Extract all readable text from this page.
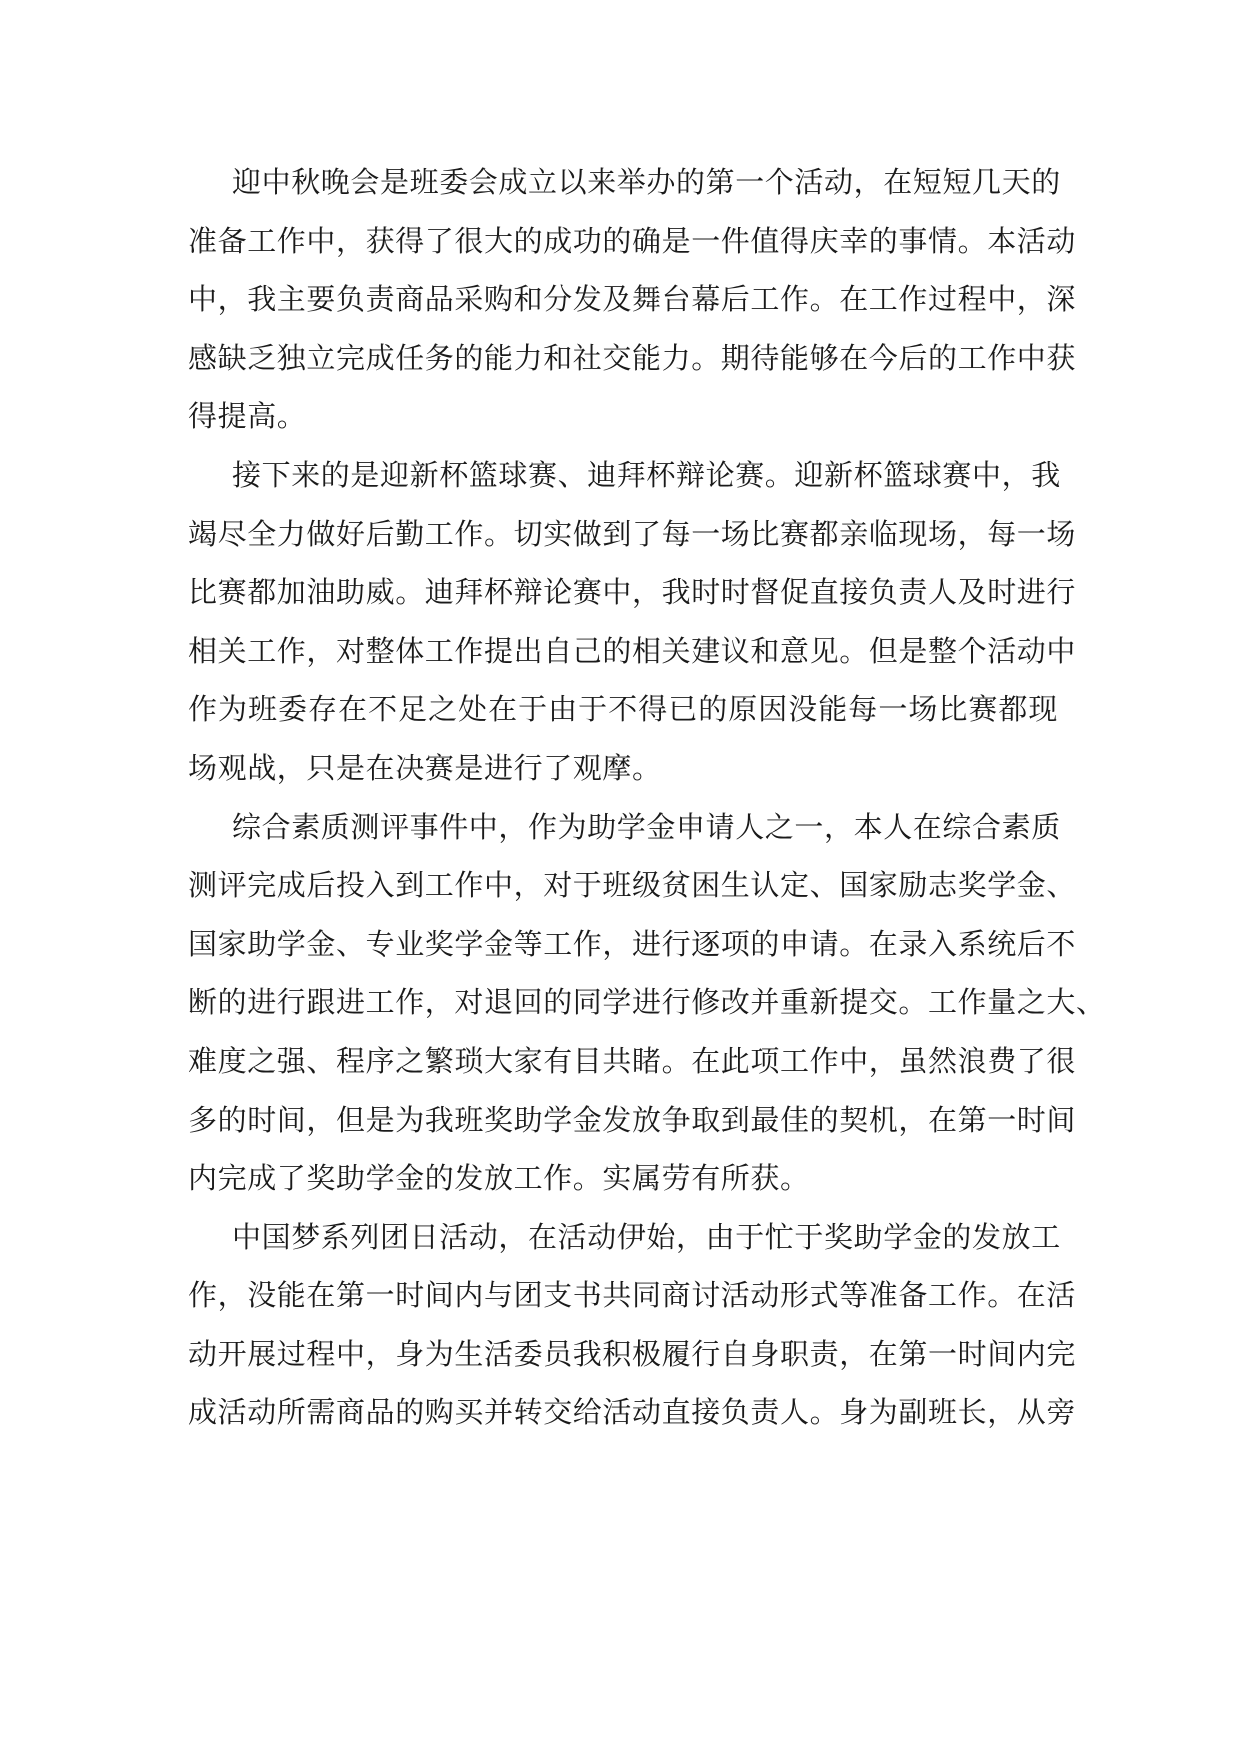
迎中秋晚会是班委会成立以来举办的第一个活动，在短短几天的
准备工作中，获得了很大的成功的确是一件值得庆幸的事情。本活动
中，我主要负责商品采购和分发及舞台幕后工作。在工作过程中，深
感缺乏独立完成任务的能力和社交能力。期待能够在今后的工作中获
得提高。
接下来的是迎新杯篮球赛、迪拜杯辩论赛。迎新杯篮球赛中，我
竭尽全力做好后勤工作。切实做到了每一场比赛都亲临现场，每一场
比赛都加油助威。迪拜杯辩论赛中，我时时督促直接负责人及时进行
相关工作，对整体工作提出自己的相关建议和意见。但是整个活动中
作为班委存在不足之处在于由于不得已的原因没能每一场比赛都现
场观战，只是在决赛是进行了观摩。
综合素质测评事件中，作为助学金申请人之一，本人在综合素质
测评完成后投入到工作中，对于班级贫困生认定、国家励志奖学金、
国家助学金、专业奖学金等工作，进行逐项的申请。在录入系统后不
断的进行跟进工作，对退回的同学进行修改并重新提交。工作量之大、
难度之强、程序之繁琐大家有目共睹。在此项工作中，虽然浪费了很
多的时间，但是为我班奖助学金发放争取到最佳的契机，在第一时间
内完成了奖助学金的发放工作。实属劳有所获。
中国梦系列团日活动，在活动伊始，由于忙于奖助学金的发放工
作，没能在第一时间内与团支书共同商讨活动形式等准备工作。在活
动开展过程中，身为生活委员我积极履行自身职责，在第一时间内完
成活动所需商品的购买并转交给活动直接负责人。身为副班长，从旁
